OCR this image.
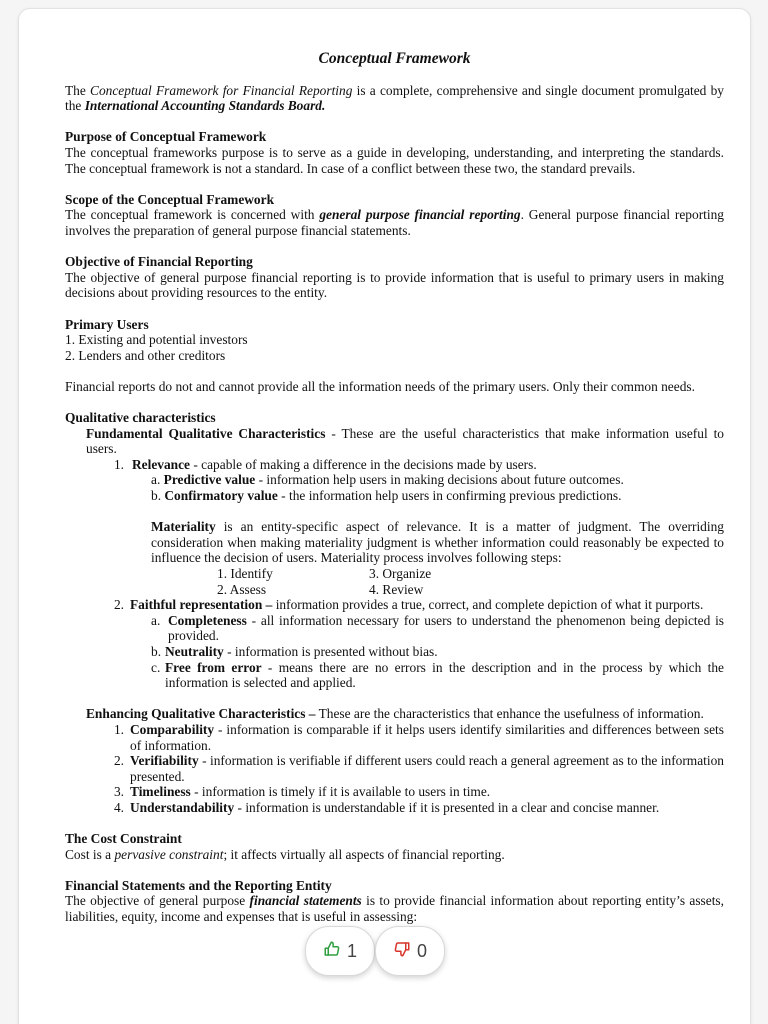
Conceptual Framework

The Conceptual Framework for Financial Reporting is a complete, comprehensive and single document promulgated by the International Accounting Standards Board.

Purpose of Conceptual Framework

The conceptual frameworks purpose is to serve as a guide in developing, understanding, and interpreting the standards. The conceptual framework is not a standard. In case of a conflict between these two, the standard prevails.

Scope of the Conceptual Framework

The conceptual framework is concerned with general purpose financial reporting. General purpose financial reporting involves the preparation of general purpose financial statements.

Objective of Financial Reporting

The objective of general purpose financial reporting is to provide information that is useful to primary users in making decisions about providing resources to the entity.

Primary Users
1. Existing and potential investors
2. Lenders and other creditors

Financial reports do not and cannot provide all the information needs of the primary users. Only their common needs.

Qualitative characteristics

Fundamental Qualitative Characteristics - These are the useful characteristics that make information useful to users.

1. Relevance - capable of making a difference in the decisions made by users.
a. Predictive value - information help users in making decisions about future outcomes.
b. Confirmatory value - the information help users in confirming previous predictions.

Materiality is an entity-specific aspect of relevance. It is a matter of judgment. The overriding consideration when making materiality judgment is whether information could reasonably be expected to influence the decision of users. Materiality process involves following steps:

1. Identify	3. Organize
2. Assess	4. Review
2. Faithful representation – information provides a true, correct, and complete depiction of what it purports.
a. Completeness - all information necessary for users to understand the phenomenon being depicted is provided.
b. Neutrality - information is presented without bias.
c. Free from error - means there are no errors in the description and in the process by which the information is selected and applied.

Enhancing Qualitative Characteristics – These are the characteristics that enhance the usefulness of information.

1. Comparability - information is comparable if it helps users identify similarities and differences between sets of information.
2. Verifiability - information is verifiable if different users could reach a general agreement as to the information presented.
3. Timeliness - information is timely if it is available to users in time.
4. Understandability - information is understandable if it is presented in a clear and concise manner.
The Cost Constraint

Cost is a pervasive constraint; it affects virtually all aspects of financial reporting.

Financial Statements and the Reporting Entity

The objective of general purpose financial statements is to provide financial information about reporting entity’s assets, liabilities, equity, income and expenses that is useful in assessing:

1	0
